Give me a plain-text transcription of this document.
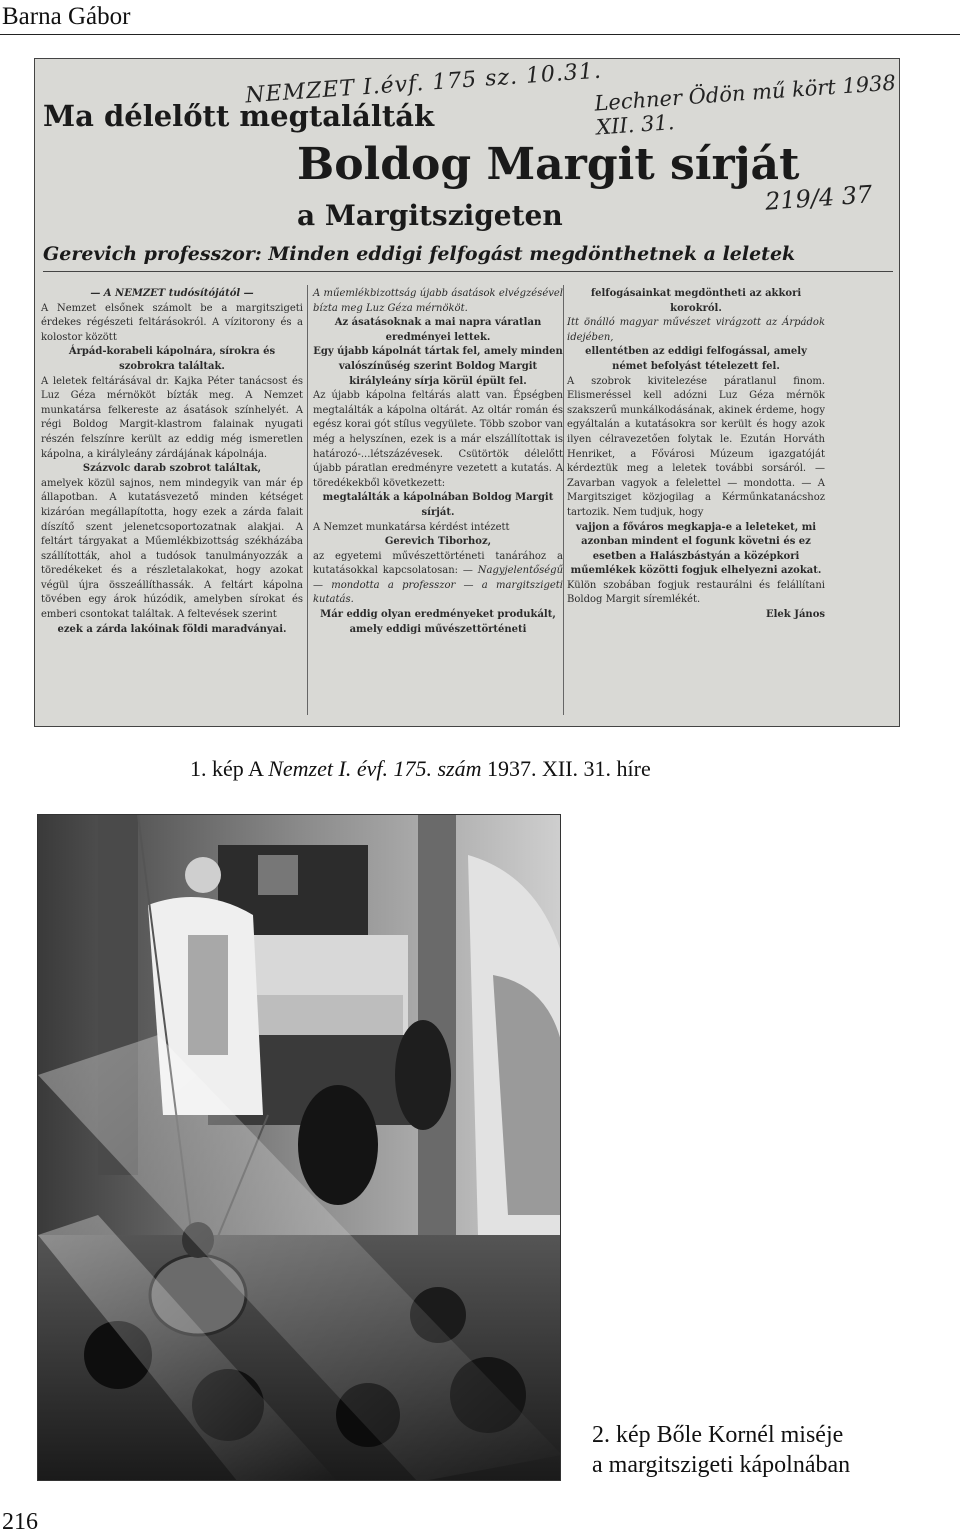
Barna Gábor
NEMZET I.évf. 175 sz. 10.31.
Lechner Ödön mű kört 1938 XII. 31.
219/4 37
Ma délelőtt megtalálták
Boldog Margit sírját
a Margitszigeten
Gerevich professzor: Minden eddigi felfogást megdönthetnek a leletek
— A NEMZET tudósítójától —
A Nemzet elsőnek számolt be a margitszigeti érdekes régészeti feltárásokról. A vízitorony és a kolostor között
Árpád-korabeli kápolnára, sírokra és szobrokra találtak.
A leletek feltárásával dr. Kajka Péter tanácsost és Luz Géza mérnököt bízták meg. A Nemzet munkatársa felkereste az ásatások színhelyét. A régi Boldog Margit-klastrom falainak nyugati részén felszínre került az eddig még ismeretlen kápolna, a királyleány zárdájának kápolnája.
Százvolc darab szobrot találtak,
amelyek közül sajnos, nem mindegyik van már ép állapotban. A kutatásvezető minden kétséget kizáróan megállapította, hogy ezek a zárda falait díszítő szent jelenetcsoportozatnak alakjai. A feltárt tárgyakat a Műemlékbizottság székházába szállították, ahol a tudósok tanulmányozzák a töredékeket és a részletalakokat, hogy azokat végül újra összeállíthassák. A feltárt kápolna tövében egy árok húzódik, amelyben sírokat és emberi csontokat találtak. A feltevések szerint
ezek a zárda lakóinak földi maradványai.
A műemlékbizottság újabb ásatások elvégzésével bízta meg Luz Géza mérnököt.
Az ásatásoknak a mai napra váratlan eredményei lettek.
Egy újabb kápolnát tártak fel, amely minden valószínűség szerint Boldog Margit királyleány sírja körül épült fel.
Az újabb kápolna feltárás alatt van. Épségben megtalálták a kápolna oltárát. Az oltár román és egész korai gót stílus vegyülete. Több szobor van még a helyszínen, ezek is a már elszállítottak is határozó-...létszázévesek. Csütörtök délelőtt újabb páratlan eredményre vezetett a kutatás. A töredékekből következett:
megtalálták a kápolnában Boldog Margit sírját.
A Nemzet munkatársa kérdést intézett
Gerevich Tiborhoz,
az egyetemi művészettörténeti tanárához a kutatásokkal kapcsolatosan: — Nagyjelentőségű — mondotta a professzor — a margitszigeti kutatás.
Már eddig olyan eredményeket produkált, amely eddigi művészettörténeti
felfogásainkat megdöntheti az akkori korokról.
Itt önálló magyar művészet virágzott az Árpádok idejében,
ellentétben az eddigi felfogással, amely német befolyást tételezett fel.
A szobrok kivitelezése páratlanul finom. Elismeréssel kell adózni Luz Géza mérnök szakszerű munkálkodásának, akinek érdeme, hogy egyáltalán a kutatásokra sor került és hogy azok ilyen célravezetően folytak le. Ezután Horváth Henriket, a Fővárosi Múzeum igazgatóját kérdeztük meg a leletek további sorsáról. — Zavarban vagyok a felelettel — mondotta. — A Margitsziget közjogilag a Kérműnkatanácshoz tartozik. Nem tudjuk, hogy
vajjon a főváros megkapja-e a leleteket, mi azonban mindent el fogunk követni és ez esetben a Halászbástyán a középkori műemlékek közötti fogjuk elhelyezni azokat.
Külön szobában fogjuk restaurálni és felállítani Boldog Margit síremlékét.
Elek János
1. kép A Nemzet I. évf. 175. szám 1937. XII. 31. híre
2. kép Bőle Kornél miséje
a margitszigeti kápolnában
216
